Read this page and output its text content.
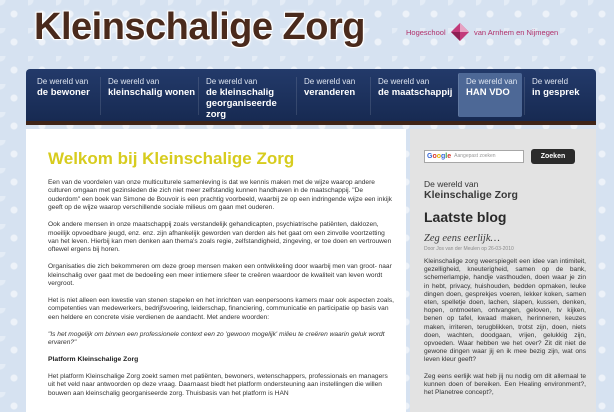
Kleinschalige Zorg	Hogeschool	van Arnhem en Nijmegen
De wereld van
de bewoner
De wereld van
kleinschalig wonen
De wereld van
de kleinschalig
georganiseerde zorg
De wereld van
veranderen
De wereld van
de maatschappij
De wereld van
HAN VDO
De wereld
in gesprek
Welkom bij Kleinschalige Zorg

Een van de voordelen van onze multiculturele samenleving is dat we kennis maken met de wijze waarop andere culturen omgaan met gezinsleden die zich niet meer zelfstandig kunnen handhaven in de maatschappij. "De ouderdom" een boek van Simone de Bouvoir is een prachtig voorbeeld, waarbij ze op een indringende wijze een inkijk geeft op de wijze waarop verschillende sociale milieus om gaan met ouderen.

Ook andere mensen in onze maatschappij zoals verstandelijk gehandicapten, psychiatrische patiënten, daklozen, moeilijk opvoedbare jeugd, enz. enz. zijn afhankelijk geworden van derden als het gaat om een zinvolle voortzetting van het leven. Hierbij kan men denken aan thema's zoals regie, zelfstandigheid, zingeving, er toe doen en vertrouwen oftewel ergens bij horen.

Organisaties die zich bekommeren om deze groep mensen maken een ontwikkeling door waarbij men van groot- naar kleinschalig over gaat met de bedoeling een meer intiemere sfeer te creëren waardoor de kwaliteit van leven wordt vergroot.

Het is niet alleen een kwestie van stenen stapelen en het inrichten van eenpersoons kamers maar ook aspecten zoals, competenties van medewerkers, bedrijfsvoering, leiderschap, financiering, communicatie en participatie op basis van een heldere en concrete visie verdienen de aandacht. Met andere woorden:

"Is het mogelijk om binnen een professionele context een zo 'gewoon mogelijk' milieu te creëren waarin geluk wordt ervaren?"

Platform Kleinschalige Zorg

Het platform Kleinschalige Zorg zoekt samen met patiënten, bewoners, wetenschappers, professionals en managers uit het veld naar antwoorden op deze vraag. Daarnaast biedt het platform ondersteuning aan instellingen die willen bouwen aan kleinschalig georganiseerde zorg. Thuisbasis van het platform is HAN

Google Aangepast zoeken	Zoeken
De wereld van
Kleinschalige Zorg
Laatste blog
Zeg eens eerlijk…
Door Jos van der Meulen op 26-03-2010

Kleinschalige zorg weerspiegelt een idee van intimiteit, gezelligheid, kneuterigheid, samen op de bank, schemerlampje, handje vasthouden, doen waar je zin in hebt, privacy, huishouden, bedden opmaken, leuke dingen doen, gesprekjes voeren, lekker koken, samen eten, spelletje doen, lachen, slapen, kussen, denken, hopen, ontmoeten, ontvangen, geloven, tv kijken, benen op tafel, kwaad maken, herinneren, keuzes maken, irriteren, terugblikken, trotst zijn, doen, niets doen, wachten, doodgaan, vrijen, gelukkig zijn, opvoeden. Waar hebben we het over? Zit dit niet de gewone dingen waar jij en ik mee bezig zijn, wat ons leven kleur geeft?

Zeg eens eerlijk wat heb jij nu nodig om dit allemaal te kunnen doen of bereiken. Een Healing environment?, het Planetree concept?,
